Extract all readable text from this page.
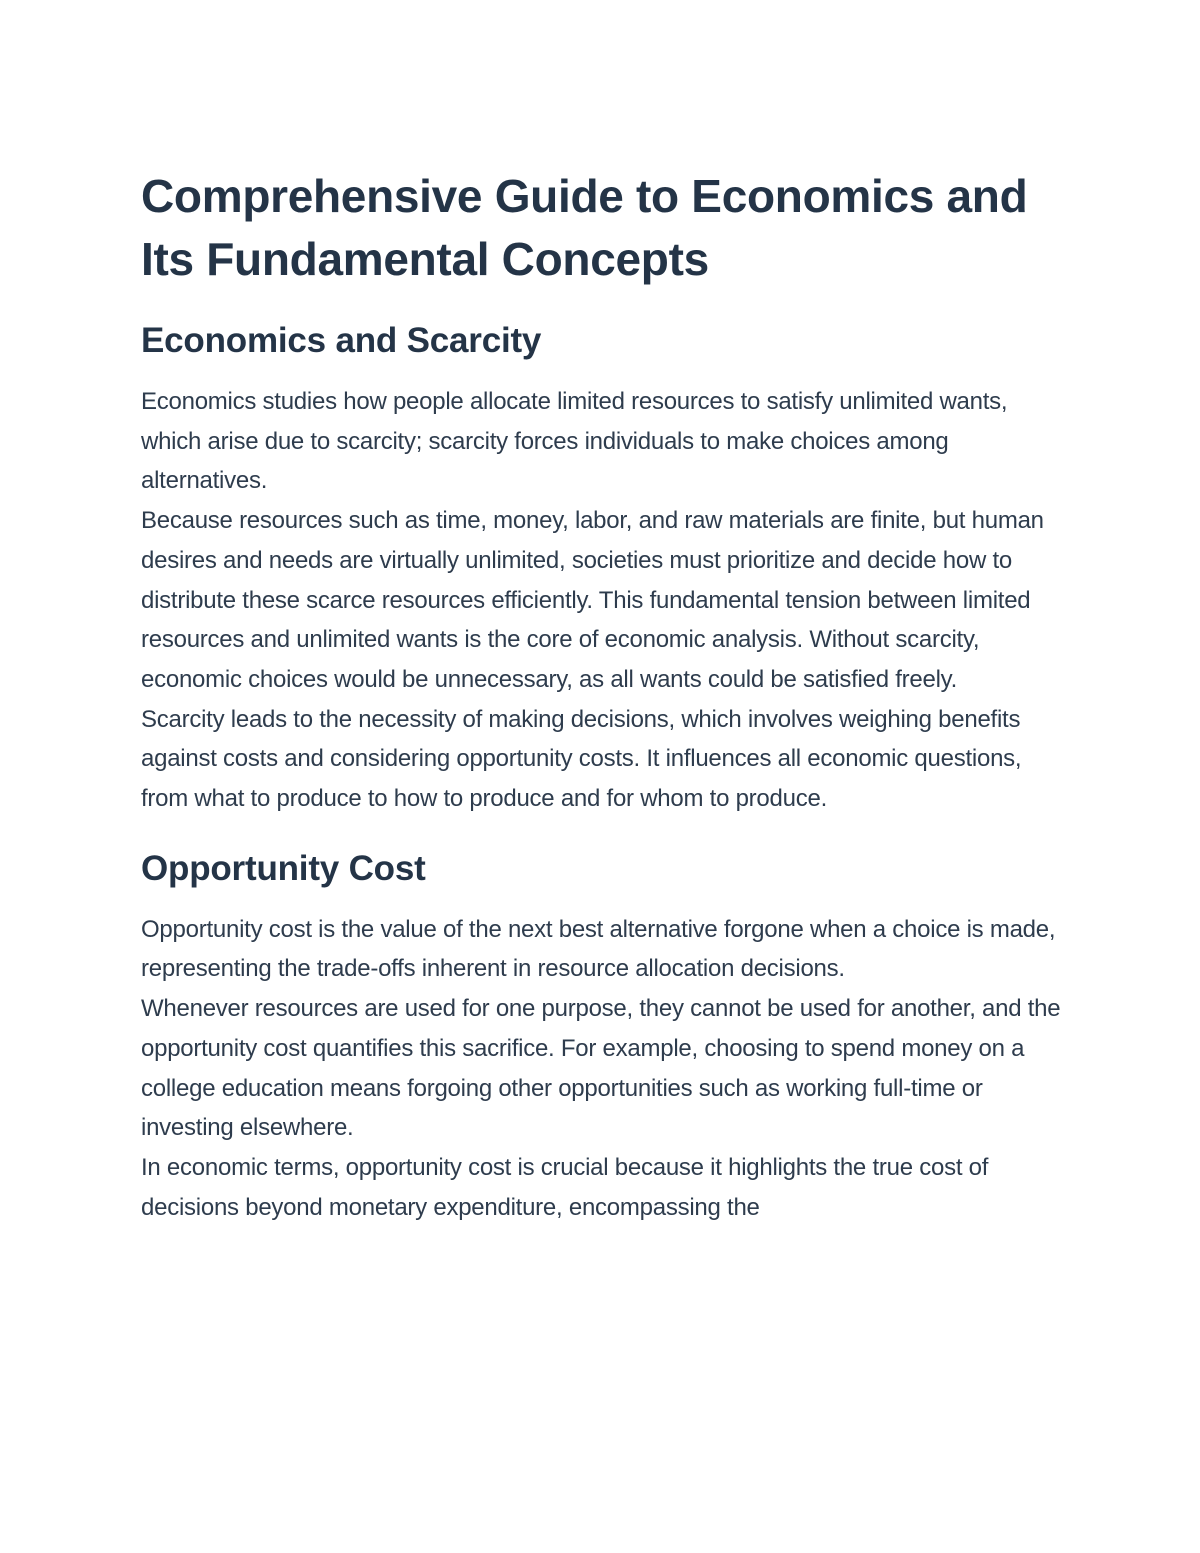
Comprehensive Guide to Economics and Its Fundamental Concepts
Economics and Scarcity

Economics studies how people allocate limited resources to satisfy unlimited wants, which arise due to scarcity; scarcity forces individuals to make choices among alternatives.

Because resources such as time, money, labor, and raw materials are finite, but human desires and needs are virtually unlimited, societies must prioritize and decide how to distribute these scarce resources efficiently. This fundamental tension between limited resources and unlimited wants is the core of economic analysis. Without scarcity, economic choices would be unnecessary, as all wants could be satisfied freely.

Scarcity leads to the necessity of making decisions, which involves weighing benefits against costs and considering opportunity costs. It influences all economic questions, from what to produce to how to produce and for whom to produce.

Opportunity Cost

Opportunity cost is the value of the next best alternative forgone when a choice is made, representing the trade-offs inherent in resource allocation decisions.

Whenever resources are used for one purpose, they cannot be used for another, and the opportunity cost quantifies this sacrifice. For example, choosing to spend money on a college education means forgoing other opportunities such as working full-time or investing elsewhere.

In economic terms, opportunity cost is crucial because it highlights the true cost of decisions beyond monetary expenditure, encompassing the
